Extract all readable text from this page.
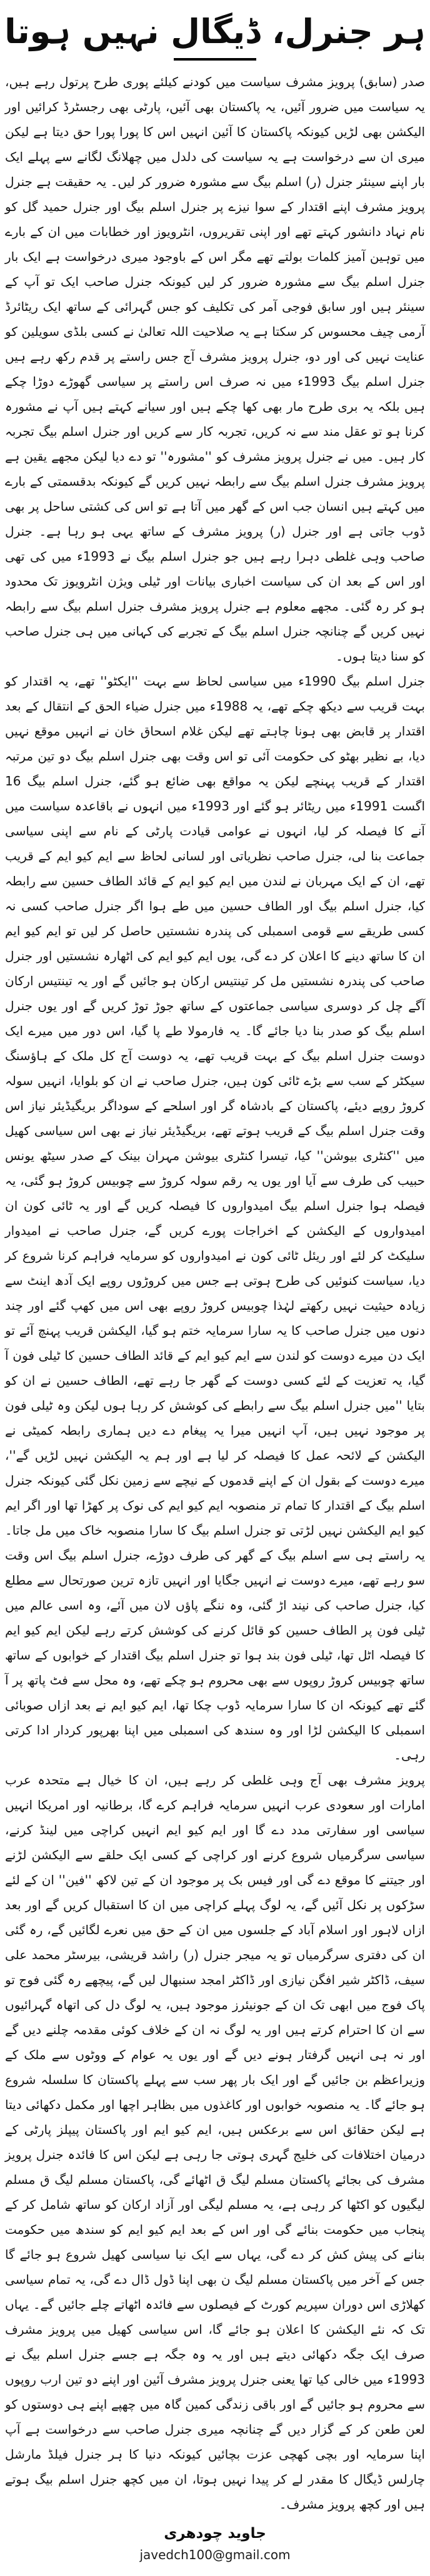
ہر جنرل، ڈیگال نہیں ہوتا

صدر (سابق) پرویز مشرف سیاست میں کودنے کیلئے پوری طرح پرتول رہے ہیں، یہ سیاست میں ضرور آئیں، یہ پاکستان بھی آئیں، پارٹی بھی رجسٹرڈ کرائیں اور الیکشن بھی لڑیں کیونکہ پاکستان کا آئین انہیں اس کا پورا پورا حق دیتا ہے لیکن میری ان سے درخواست ہے یہ سیاست کی دلدل میں چھلانگ لگانے سے پہلے ایک بار اپنے سینئر جنرل (ر) اسلم بیگ سے مشورہ ضرور کر لیں۔ یہ حقیقت ہے جنرل پرویز مشرف اپنے اقتدار کے سوا نیزے پر جنرل اسلم بیگ اور جنرل حمید گل کو نام نہاد دانشور کہتے تھے اور اپنی تقریروں، انٹرویوز اور خطابات میں ان کے بارے میں توہین آمیز کلمات بولتے تھے مگر اس کے باوجود میری درخواست ہے ایک بار جنرل اسلم بیگ سے مشورہ ضرور کر لیں کیونکہ جنرل صاحب ایک تو آپ کے سینئر ہیں اور سابق فوجی آمر کی تکلیف کو جس گہرائی کے ساتھ ایک ریٹائرڈ آرمی چیف محسوس کر سکتا ہے یہ صلاحیت اللہ تعالیٰ نے کسی بلڈی سویلین کو عنایت نہیں کی اور دو، جنرل پرویز مشرف آج جس راستے پر قدم رکھ رہے ہیں جنرل اسلم بیگ 1993ء میں نہ صرف اس راستے پر سیاسی گھوڑے دوڑا چکے ہیں بلکہ یہ بری طرح مار بھی کھا چکے ہیں اور سیانے کہتے ہیں آپ نے مشورہ کرنا ہو تو عقل مند سے نہ کریں، تجربہ کار سے کریں اور جنرل اسلم بیگ تجربہ کار ہیں۔ میں نے جنرل پرویز مشرف کو ''مشورہ'' تو دے دیا لیکن مجھے یقین ہے پرویز مشرف جنرل اسلم بیگ سے رابطہ نہیں کریں گے کیونکہ بدقسمتی کے بارے میں کہتے ہیں انسان جب اس کے گھر میں آتا ہے تو اس کی کشتی ساحل پر بھی ڈوب جاتی ہے اور جنرل (ر) پرویز مشرف کے ساتھ یہی ہو رہا ہے۔ جنرل صاحب وہی غلطی دہرا رہے ہیں جو جنرل اسلم بیگ نے 1993ء میں کی تھی اور اس کے بعد ان کی سیاست اخباری بیانات اور ٹیلی ویژن انٹرویوز تک محدود ہو کر رہ گئی۔ مجھے معلوم ہے جنرل پرویز مشرف جنرل اسلم بیگ سے رابطہ نہیں کریں گے چنانچہ جنرل اسلم بیگ کے تجربے کی کہانی میں ہی جنرل صاحب کو سنا دیتا ہوں۔

جنرل اسلم بیگ 1990ء میں سیاسی لحاظ سے بہت ''ایکٹو'' تھے، یہ اقتدار کو بہت قریب سے دیکھ چکے تھے، یہ 1988ء میں جنرل ضیاء الحق کے انتقال کے بعد اقتدار پر قابض بھی ہونا چاہتے تھے لیکن غلام اسحاق خان نے انہیں موقع نہیں دیا، بے نظیر بھٹو کی حکومت آئی تو اس وقت بھی جنرل اسلم بیگ دو تین مرتبہ اقتدار کے قریب پہنچے لیکن یہ مواقع بھی ضائع ہو گئے، جنرل اسلم بیگ 16 اگست 1991ء میں ریٹائر ہو گئے اور 1993ء میں انہوں نے باقاعدہ سیاست میں آنے کا فیصلہ کر لیا، انہوں نے عوامی قیادت پارٹی کے نام سے اپنی سیاسی جماعت بنا لی، جنرل صاحب نظریاتی اور لسانی لحاظ سے ایم کیو ایم کے قریب تھے، ان کے ایک مہربان نے لندن میں ایم کیو ایم کے قائد الطاف حسین سے رابطہ کیا، جنرل اسلم بیگ اور الطاف حسین میں طے ہوا اگر جنرل صاحب کسی نہ کسی طریقے سے قومی اسمبلی کی پندرہ نشستیں حاصل کر لیں تو ایم کیو ایم ان کا ساتھ دینے کا اعلان کر دے گی، یوں ایم کیو ایم کی اٹھارہ نشستیں اور جنرل صاحب کی پندرہ نشستیں مل کر تینتیس ارکان ہو جائیں گے اور یہ تینتیس ارکان آگے چل کر دوسری سیاسی جماعتوں کے ساتھ جوڑ توڑ کریں گے اور یوں جنرل اسلم بیگ کو صدر بنا دیا جائے گا۔ یہ فارمولا طے پا گیا، اس دور میں میرے ایک دوست جنرل اسلم بیگ کے بہت قریب تھے، یہ دوست آج کل ملک کے ہاؤسنگ سیکٹر کے سب سے بڑے ٹائی کون ہیں، جنرل صاحب نے ان کو بلوایا، انہیں سولہ کروڑ روپے دیئے، پاکستان کے بادشاہ گر اور اسلحے کے سوداگر بریگیڈیئر نیاز اس وقت جنرل اسلم بیگ کے قریب ہوتے تھے، بریگیڈیئر نیاز نے بھی اس سیاسی کھیل میں ''کنٹری بیوشن'' کیا، تیسرا کنٹری بیوشن مہران بینک کے صدر سیٹھ یونس حبیب کی طرف سے آیا اور یوں یہ رقم سولہ کروڑ سے چوبیس کروڑ ہو گئی، یہ فیصلہ ہوا جنرل اسلم بیگ امیدواروں کا فیصلہ کریں گے اور یہ ٹائی کون ان امیدواروں کے الیکشن کے اخراجات پورے کریں گے، جنرل صاحب نے امیدوار سلیکٹ کر لئے اور ریئل ٹائی کون نے امیدواروں کو سرمایہ فراہم کرنا شروع کر دیا، سیاست کنوئیں کی طرح ہوتی ہے جس میں کروڑوں روپے ایک آدھ اینٹ سے زیادہ حیثیت نہیں رکھتے لہٰذا چوبیس کروڑ روپے بھی اس میں کھپ گئے اور چند دنوں میں جنرل صاحب کا یہ سارا سرمایہ ختم ہو گیا، الیکشن قریب پہنچ آئے تو ایک دن میرے دوست کو لندن سے ایم کیو ایم کے قائد الطاف حسین کا ٹیلی فون آ گیا، یہ تعزیت کے لئے کسی دوست کے گھر جا رہے تھے، الطاف حسین نے ان کو بتایا ''میں جنرل اسلم بیگ سے رابطے کی کوشش کر رہا ہوں لیکن وہ ٹیلی فون پر موجود نہیں ہیں، آپ انہیں میرا یہ پیغام دے دیں ہماری رابطہ کمیٹی نے الیکشن کے لائحہ عمل کا فیصلہ کر لیا ہے اور ہم یہ الیکشن نہیں لڑیں گے''، میرے دوست کے بقول ان کے اپنے قدموں کے نیچے سے زمین نکل گئی کیونکہ جنرل اسلم بیگ کے اقتدار کا تمام تر منصوبہ ایم کیو ایم کی نوک پر کھڑا تھا اور اگر ایم کیو ایم الیکشن نہیں لڑتی تو جنرل اسلم بیگ کا سارا منصوبہ خاک میں مل جاتا۔ یہ راستے ہی سے اسلم بیگ کے گھر کی طرف دوڑے، جنرل اسلم بیگ اس وقت سو رہے تھے، میرے دوست نے انہیں جگایا اور انہیں تازہ ترین صورتحال سے مطلع کیا، جنرل صاحب کی نیند اڑ گئی، وہ ننگے پاؤں لان میں آئے، وہ اسی عالم میں ٹیلی فون پر الطاف حسین کو قائل کرنے کی کوشش کرتے رہے لیکن ایم کیو ایم کا فیصلہ اٹل تھا، ٹیلی فون بند ہوا تو جنرل اسلم بیگ اقتدار کے خوابوں کے ساتھ ساتھ چوبیس کروڑ روپوں سے بھی محروم ہو چکے تھے، وہ محل سے فٹ پاتھ پر آ گئے تھے کیونکہ ان کا سارا سرمایہ ڈوب چکا تھا، ایم کیو ایم نے بعد ازاں صوبائی اسمبلی کا الیکشن لڑا اور وہ سندھ کی اسمبلی میں اپنا بھرپور کردار ادا کرتی رہی۔

پرویز مشرف بھی آج وہی غلطی کر رہے ہیں، ان کا خیال ہے متحدہ عرب امارات اور سعودی عرب انہیں سرمایہ فراہم کرے گا، برطانیہ اور امریکا انہیں سیاسی اور سفارتی مدد دے گا اور ایم کیو ایم انہیں کراچی میں لینڈ کرنے، سیاسی سرگرمیاں شروع کرنے اور کراچی کے کسی ایک حلقے سے الیکشن لڑنے اور جیتنے کا موقع دے گی اور فیس بک پر موجود ان کے تین لاکھ ''فین'' ان کے لئے سڑکوں پر نکل آئیں گے، یہ لوگ پہلے کراچی میں ان کا استقبال کریں گے اور بعد ازاں لاہور اور اسلام آباد کے جلسوں میں ان کے حق میں نعرے لگائیں گے، رہ گئی ان کی دفتری سرگرمیاں تو یہ میجر جنرل (ر) راشد قریشی، بیرسٹر محمد علی سیف، ڈاکٹر شیر افگن نیازی اور ڈاکٹر امجد سنبھال لیں گے، پیچھے رہ گئی فوج تو پاک فوج میں ابھی تک ان کے جونیئرز موجود ہیں، یہ لوگ دل کی اتھاہ گہرائیوں سے ان کا احترام کرتے ہیں اور یہ لوگ نہ ان کے خلاف کوئی مقدمہ چلنے دیں گے اور نہ ہی انہیں گرفتار ہونے دیں گے اور یوں یہ عوام کے ووٹوں سے ملک کے وزیراعظم بن جائیں گے اور ایک بار پھر سب سے پہلے پاکستان کا سلسلہ شروع ہو جائے گا۔ یہ منصوبہ خوابوں اور کاغذوں میں بظاہر اچھا اور مکمل دکھائی دیتا ہے لیکن حقائق اس سے برعکس ہیں، ایم کیو ایم اور پاکستان پیپلز پارٹی کے درمیان اختلافات کی خلیج گہری ہوتی جا رہی ہے لیکن اس کا فائدہ جنرل پرویز مشرف کی بجائے پاکستان مسلم لیگ ق اٹھائے گی، پاکستان مسلم لیگ ق مسلم لیگیوں کو اکٹھا کر رہی ہے، یہ مسلم لیگی اور آزاد ارکان کو ساتھ شامل کر کے پنجاب میں حکومت بنائے گی اور اس کے بعد ایم کیو ایم کو سندھ میں حکومت بنانے کی پیش کش کر دے گی، یہاں سے ایک نیا سیاسی کھیل شروع ہو جائے گا جس کے آخر میں پاکستان مسلم لیگ ن بھی اپنا ڈول ڈال دے گی، یہ تمام سیاسی کھلاڑی اس دوران سپریم کورٹ کے فیصلوں سے فائدہ اٹھاتے چلے جائیں گے۔ یہاں تک کہ نئے الیکشن کا اعلان ہو جائے گا، اس سیاسی کھیل میں پرویز مشرف صرف ایک جگہ دکھائی دیتے ہیں اور یہ وہ جگہ ہے جسے جنرل اسلم بیگ نے 1993ء میں خالی کیا تھا یعنی جنرل پرویز مشرف آئین اور اپنے دو تین ارب روپوں سے محروم ہو جائیں گے اور باقی زندگی کمین گاہ میں چھپے اپنے ہی دوستوں کو لعن طعن کر کے گزار دیں گے چنانچہ میری جنرل صاحب سے درخواست ہے آپ اپنا سرمایہ اور بچی کھچی عزت بچائیں کیونکہ دنیا کا ہر جنرل فیلڈ مارشل چارلس ڈیگال کا مقدر لے کر پیدا نہیں ہوتا، ان میں کچھ جنرل اسلم بیگ ہوتے ہیں اور کچھ پرویز مشرف۔

جاوید چودھری

javedch100@gmail.com
